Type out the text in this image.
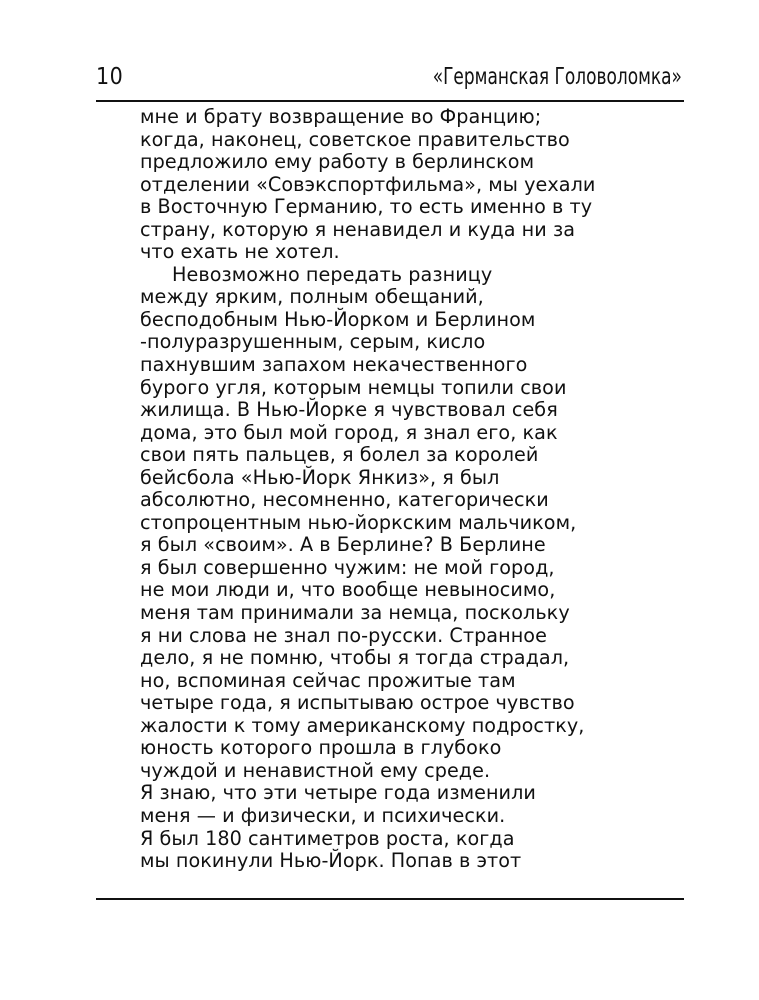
10	«Германская Головоломка»
мне и брату возвращение во Францию;
когда, наконец, советское правительство
предложило ему работу в берлинском
отделении «Совэкспортфильма», мы уехали
в Восточную Германию, то есть именно в ту
страну, которую я ненавидел и куда ни за
что ехать не хотел.
Невозможно передать разницу
между ярким, полным обещаний,
бесподобным Нью-Йорком и Берлином
-полуразрушенным, серым, кисло
пахнувшим запахом некачественного
бурого угля, которым немцы топили свои
жилища. В Нью-Йорке я чувствовал себя
дома, это был мой город, я знал его, как
свои пять пальцев, я болел за королей
бейсбола «Нью-Йорк Янкиз», я был
абсолютно, несомненно, категорически
стопроцентным нью-йоркским мальчиком,
я был «своим». А в Берлине? В Берлине
я был совершенно чужим: не мой город,
не мои люди и, что вообще невыносимо,
меня там принимали за немца, поскольку
я ни слова не знал по-русски. Странное
дело, я не помню, чтобы я тогда страдал,
но, вспоминая сейчас прожитые там
четыре года, я испытываю острое чувство
жалости к тому американскому подростку,
юность которого прошла в глубоко
чуждой и ненавистной ему среде.
Я знаю, что эти четыре года изменили
меня — и физически, и психически.
Я был 180 сантиметров роста, когда
мы покинули Нью-Йорк. Попав в этот
